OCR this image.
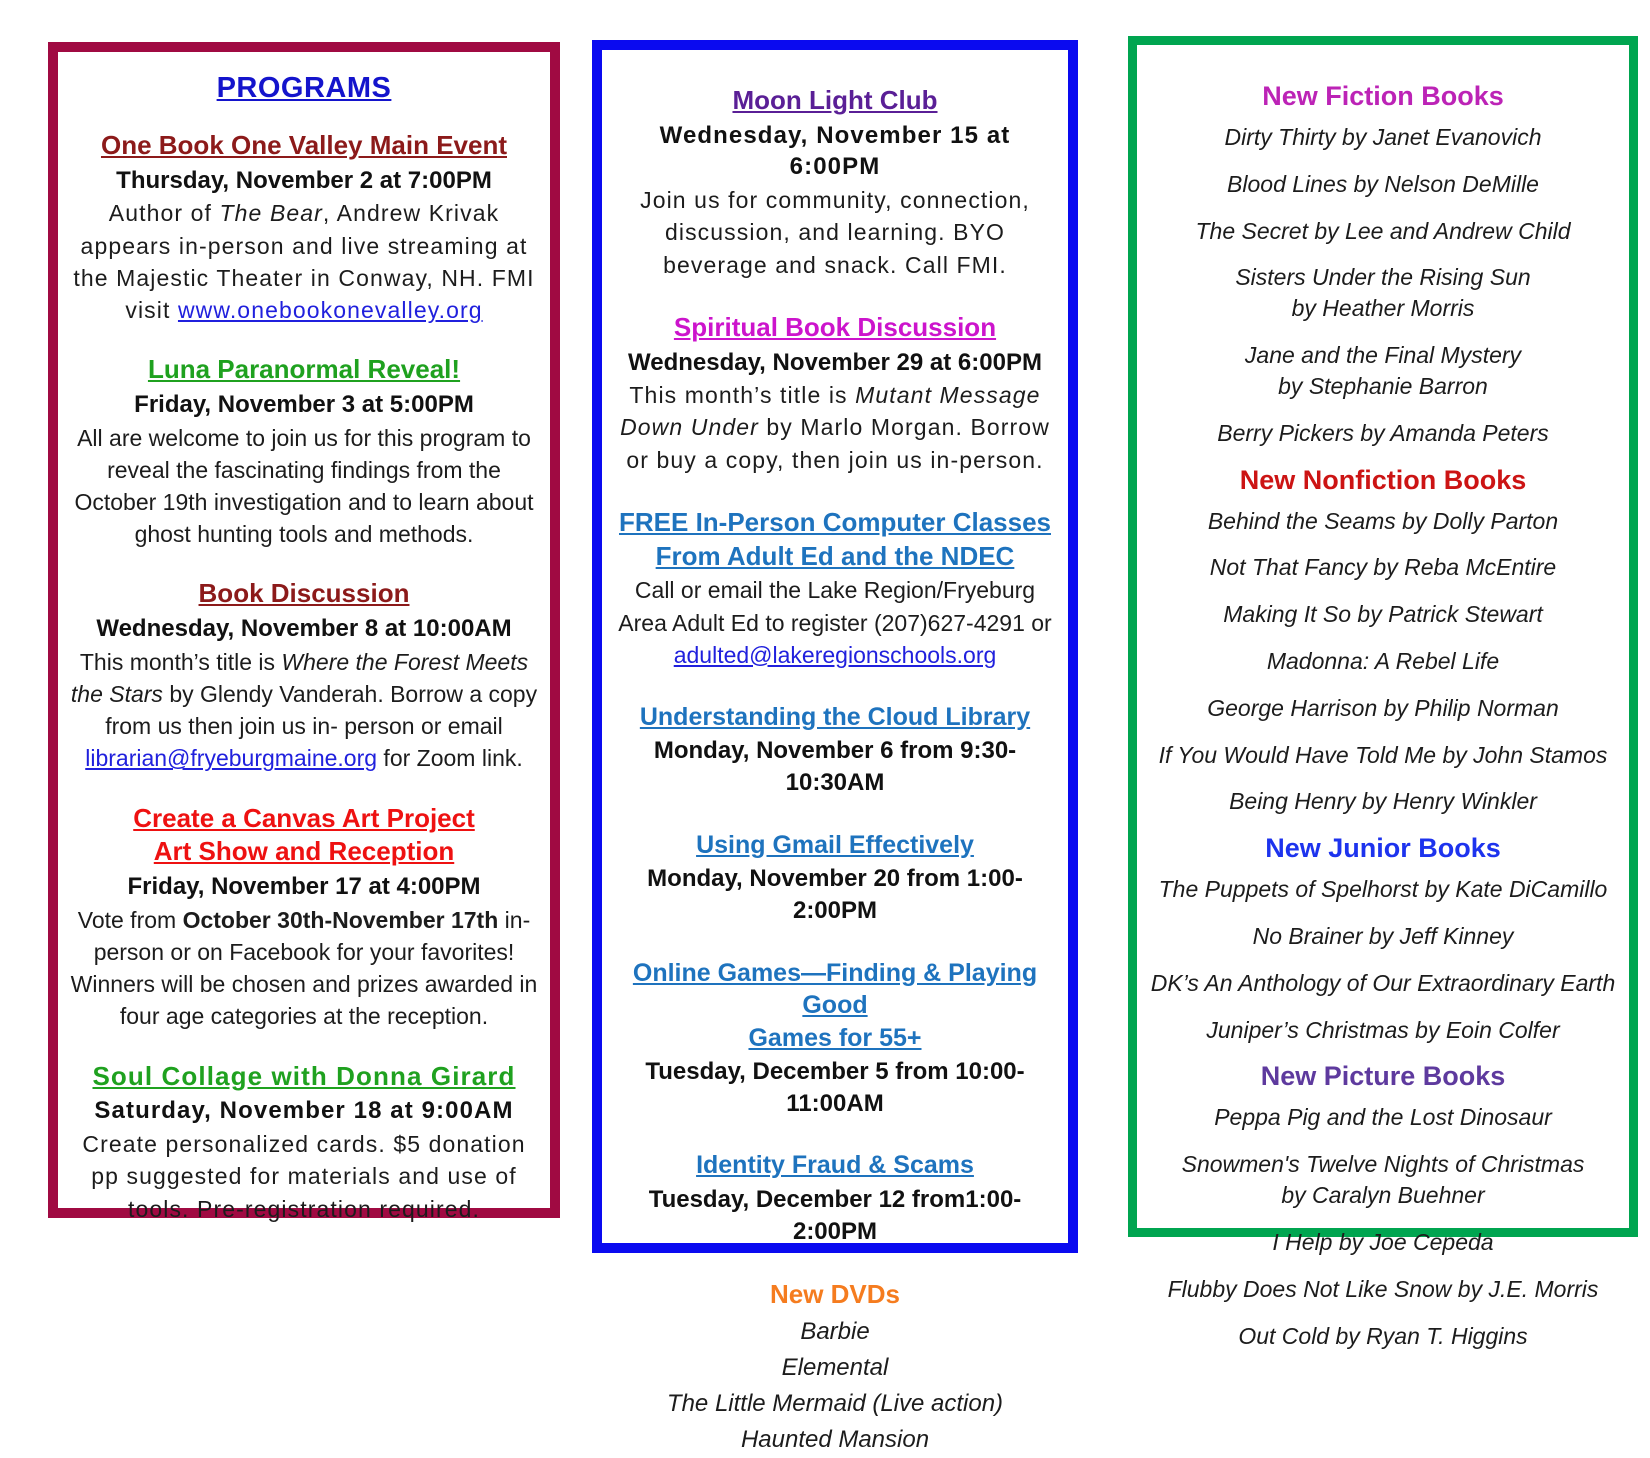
PROGRAMS
One Book One Valley Main Event

Thursday, November 2 at 7:00PM

Author of The Bear, Andrew Krivak appears in-person and live streaming at the Majestic Theater in Conway, NH. FMI visit www.onebookonevalley.org

Luna Paranormal Reveal!

Friday, November 3 at 5:00PM

All are welcome to join us for this program to reveal the fascinating findings from the October 19th investigation and to learn about ghost hunting tools and methods.

Book Discussion

Wednesday, November 8 at 10:00AM

This month’s title is Where the Forest Meets the Stars by Glendy Vanderah. Borrow a copy from us then join us in- person or email librarian@fryeburgmaine.org for Zoom link.

Create a Canvas Art Project
Art Show and Reception

Friday, November 17 at 4:00PM

Vote from October 30th-November 17th in-person or on Facebook for your favorites! Winners will be chosen and prizes awarded in four age categories at the reception.

Soul Collage with Donna Girard

Saturday, November 18 at 9:00AM

Create personalized cards. $5 donation pp suggested for materials and use of tools. Pre-registration required.

Moon Light Club

Wednesday, November 15 at 6:00PM

Join us for community, connection, discussion, and learning. BYO beverage and snack. Call FMI.

Spiritual Book Discussion

Wednesday, November 29 at 6:00PM

This month’s title is Mutant Message Down Under by Marlo Morgan. Borrow or buy a copy, then join us in-person.

FREE In-Person Computer Classes
From Adult Ed and the NDEC

Call or email the Lake Region/Fryeburg Area Adult Ed to register (207)627-4291 or adulted@lakeregionschools.org

Understanding the Cloud Library

Monday, November 6 from 9:30-10:30AM

Using Gmail Effectively

Monday, November 20 from 1:00-2:00PM

Online Games—Finding & Playing Good
Games for 55+

Tuesday, December 5 from 10:00-11:00AM

Identity Fraud & Scams

Tuesday, December 12 from1:00-2:00PM

New DVDs
Barbie
Elemental
The Little Mermaid (Live action)
Haunted Mansion
New Fiction Books
Dirty Thirty by Janet Evanovich
Blood Lines by Nelson DeMille
The Secret by Lee and Andrew Child
Sisters Under the Rising Sun
by Heather Morris
Jane and the Final Mystery
by Stephanie Barron
Berry Pickers by Amanda Peters
New Nonfiction Books
Behind the Seams by Dolly Parton
Not That Fancy by Reba McEntire
Making It So by Patrick Stewart
Madonna: A Rebel Life
George Harrison by Philip Norman
If You Would Have Told Me by John Stamos
Being Henry by Henry Winkler
New Junior Books
The Puppets of Spelhorst by Kate DiCamillo
No Brainer by Jeff Kinney
DK’s An Anthology of Our Extraordinary Earth
Juniper’s Christmas by Eoin Colfer
New Picture Books
Peppa Pig and the Lost Dinosaur
Snowmen's Twelve Nights of Christmas
by Caralyn Buehner
I Help by Joe Cepeda
Flubby Does Not Like Snow by J.E. Morris
Out Cold by Ryan T. Higgins
